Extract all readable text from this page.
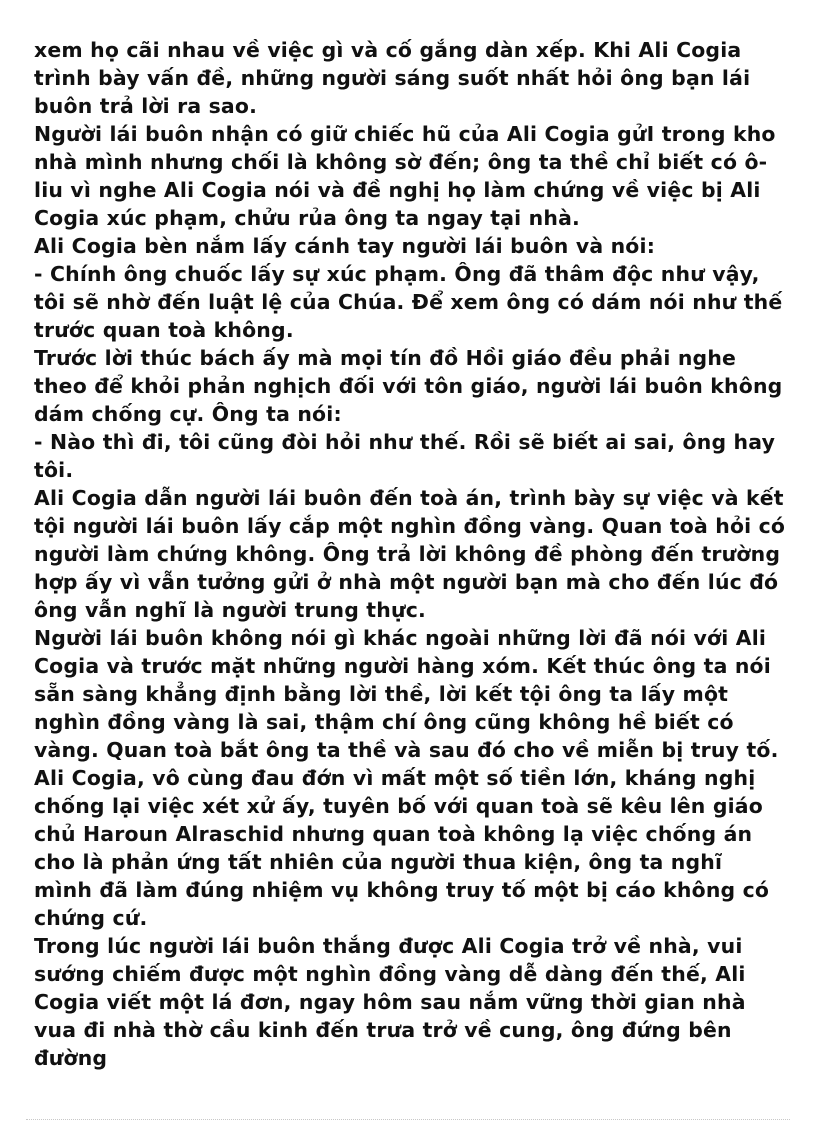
xem họ cãi nhau về việc gì và cố gắng dàn xếp. Khi Ali Cogia trình bày vấn đề, những người sáng suốt nhất hỏi ông bạn lái buôn trả lời ra sao.

Người lái buôn nhận có giữ chiếc hũ của Ali Cogia gửI trong kho nhà mình nhưng chối là không sờ đến; ông ta thề chỉ biết có ô-liu vì nghe Ali Cogia nói và đề nghị họ làm chứng về việc bị Ali Cogia xúc phạm, chửu rủa ông ta ngay tại nhà.

Ali Cogia bèn nắm lấy cánh tay người lái buôn và nói:

- Chính ông chuốc lấy sự xúc phạm. Ông đã thâm độc như vậy, tôi sẽ nhờ đến luật lệ của Chúa. Để xem ông có dám nói như thế trước quan toà không.

Trước lời thúc bách ấy mà mọi tín đồ Hồi giáo đều phải nghe theo để khỏi phản nghịch đối với tôn giáo, người lái buôn không dám chống cự. Ông ta nói:

- Nào thì đi, tôi cũng đòi hỏi như thế. Rồi sẽ biết ai sai, ông hay tôi.

Ali Cogia dẫn người lái buôn đến toà án, trình bày sự việc và kết tội người lái buôn lấy cắp một nghìn đồng vàng. Quan toà hỏi có người làm chứng không. Ông trả lời không đề phòng đến trường hợp ấy vì vẫn tưởng gửi ở nhà một người bạn mà cho đến lúc đó ông vẫn nghĩ là người trung thực.

Người lái buôn không nói gì khác ngoài những lời đã nói với Ali Cogia và trước mặt những người hàng xóm. Kết thúc ông ta nói sẵn sàng khẳng định bằng lời thề, lời kết tội ông ta lấy một nghìn đồng vàng là sai, thậm chí ông cũng không hề biết có vàng. Quan toà bắt ông ta thề và sau đó cho về miễn bị truy tố.

Ali Cogia, vô cùng đau đớn vì mất một số tiền lớn, kháng nghị chống lại việc xét xử ấy, tuyên bố với quan toà sẽ kêu lên giáo chủ Haroun Alraschid nhưng quan toà không lạ việc chống án cho là phản ứng tất nhiên của người thua kiện, ông ta nghĩ mình đã làm đúng nhiệm vụ không truy tố một bị cáo không có chứng cứ.

Trong lúc người lái buôn thắng được Ali Cogia trở về nhà, vui sướng chiếm được một nghìn đồng vàng dễ dàng đến thế, Ali Cogia viết một lá đơn, ngay hôm sau nắm vững thời gian nhà vua đi nhà thờ cầu kinh đến trưa trở về cung, ông đứng bên đường
